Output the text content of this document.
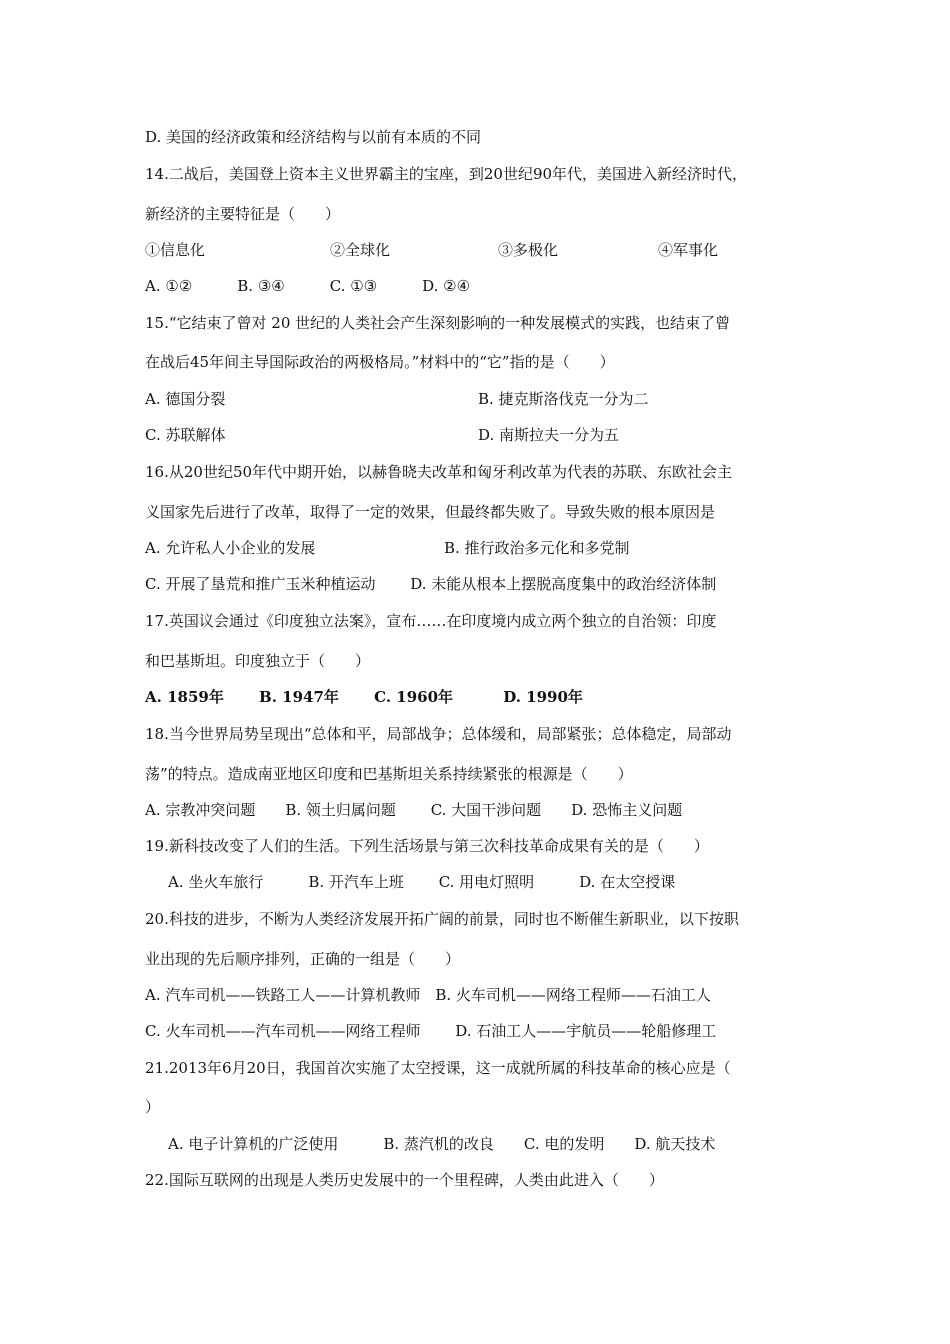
D. 美国的经济政策和经济结构与以前有本质的不同
14.二战后，美国登上资本主义世界霸主的宝座，到20世纪90年代，美国进入新经济时代，
新经济的主要特征是（　　）
①信息化	②全球化	③多极化	④军事化
A. ①②　　　B. ③④　　　C. ①③　　　D. ②④
15.“它结束了曾对 20 世纪的人类社会产生深刻影响的一种发展模式的实践，也结束了曾
在战后45年间主导国际政治的两极格局。”材料中的“它”指的是（　　）
A. 德国分裂	B. 捷克斯洛伐克一分为二
C. 苏联解体	D. 南斯拉夫一分为五
16.从20世纪50年代中期开始，以赫鲁晓夫改革和匈牙利改革为代表的苏联、东欧社会主
义国家先后进行了改革，取得了一定的效果，但最终都失败了。导致失败的根本原因是
A. 允许私人小企业的发展	B. 推行政治多元化和多党制
C. 开展了垦荒和推广玉米种植运动　　 D. 未能从根本上摆脱高度集中的政治经济体制
17.英国议会通过《印度独立法案》，宣布……在印度境内成立两个独立的自治领：印度
和巴基斯坦。印度独立于（　　）
A. 1859年　　 B. 1947年　　 C. 1960年　　　 D. 1990年
18.当今世界局势呈现出“总体和平，局部战争；总体缓和，局部紧张；总体稳定，局部动
荡”的特点。造成南亚地区印度和巴基斯坦关系持续紧张的根源是（　　）
A. 宗教冲突问题　　B. 领土归属问题　　 C. 大国干涉问题　　D. 恐怖主义问题
19.新科技改变了人们的生活。下列生活场景与第三次科技革命成果有关的是（　　）
A. 坐火车旅行　　　B. 开汽车上班　　 C. 用电灯照明　　　D. 在太空授课
20.科技的进步，不断为人类经济发展开拓广阔的前景，同时也不断催生新职业，以下按职
业出现的先后顺序排列，正确的一组是（　　）
A. 汽车司机——铁路工人——计算机教师　B. 火车司机——网络工程师——石油工人
C. 火车司机——汽车司机——网络工程师　　 D. 石油工人——宇航员——轮船修理工
21.2013年6月20日，我国首次实施了太空授课，这一成就所属的科技革命的核心应是（
）
A. 电子计算机的广泛使用　　　B. 蒸汽机的改良　　C. 电的发明　　D. 航天技术
22.国际互联网的出现是人类历史发展中的一个里程碑，人类由此进入（　　）
